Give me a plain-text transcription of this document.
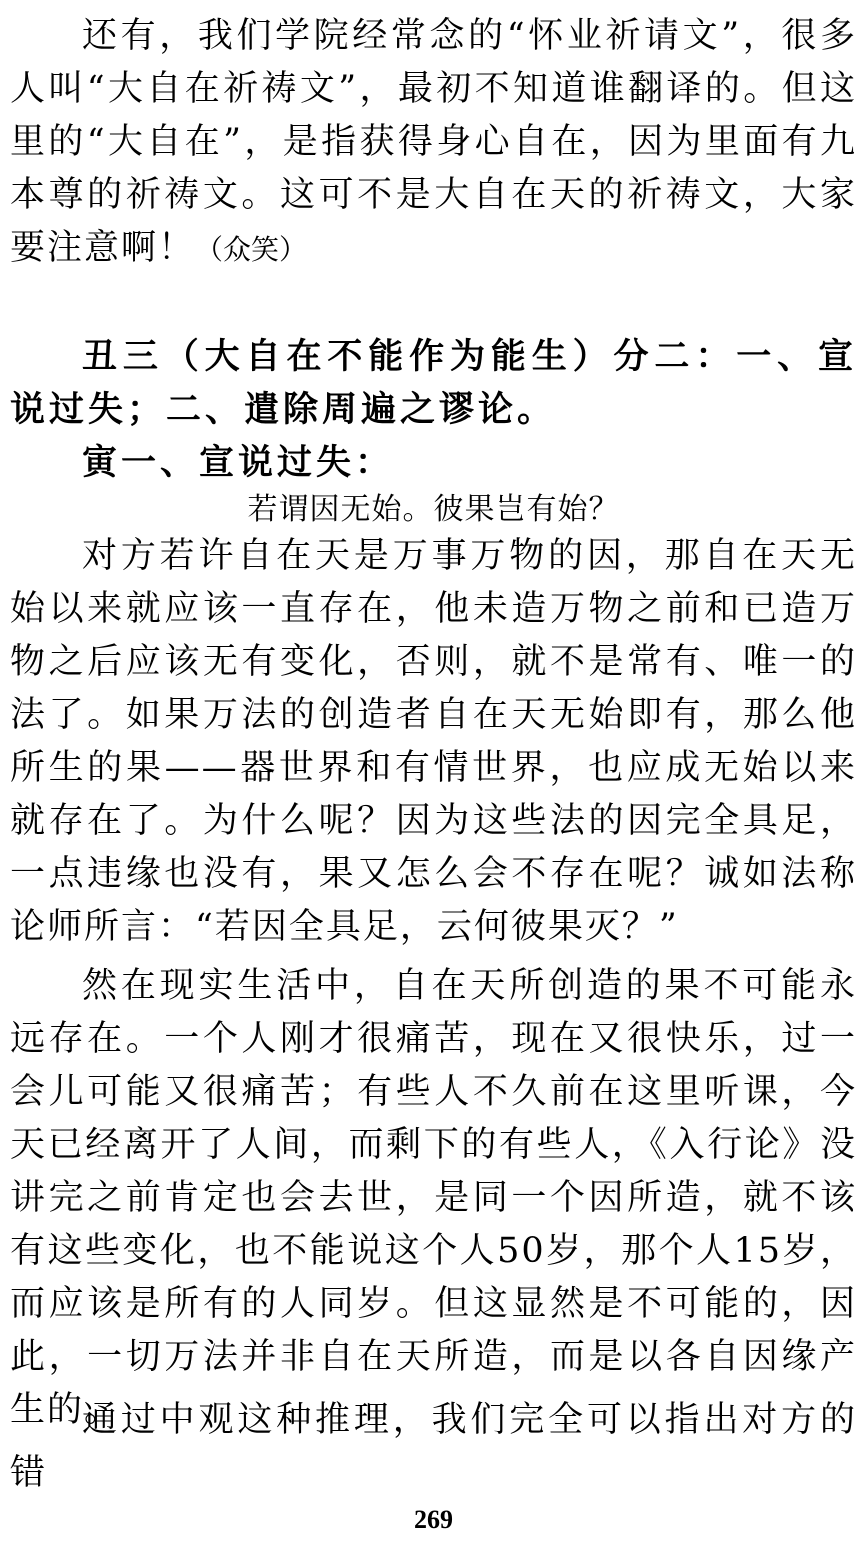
还有，我们学院经常念的“怀业祈请文”，很多人叫“大自在祈祷文”，最初不知道谁翻译的。但这里的“大自在”，是指获得身心自在，因为里面有九本尊的祈祷文。这可不是大自在天的祈祷文，大家要注意啊！（众笑）

丑三（大自在不能作为能生）分二：一、宣说过失；二、遣除周遍之谬论。

寅一、宣说过失：

若谓因无始。彼果岂有始？

对方若许自在天是万事万物的因，那自在天无始以来就应该一直存在，他未造万物之前和已造万物之后应该无有变化，否则，就不是常有、唯一的法了。如果万法的创造者自在天无始即有，那么他所生的果——器世界和有情世界，也应成无始以来就存在了。为什么呢？因为这些法的因完全具足，一点违缘也没有，果又怎么会不存在呢？诚如法称论师所言：“若因全具足，云何彼果灭？”

然在现实生活中，自在天所创造的果不可能永远存在。一个人刚才很痛苦，现在又很快乐，过一会儿可能又很痛苦；有些人不久前在这里听课，今天已经离开了人间，而剩下的有些人，《入行论》没讲完之前肯定也会去世，是同一个因所造，就不该有这些变化，也不能说这个人50岁，那个人15岁，而应该是所有的人同岁。但这显然是不可能的，因此，一切万法并非自在天所造，而是以各自因缘产生的。

通过中观这种推理，我们完全可以指出对方的错

269
